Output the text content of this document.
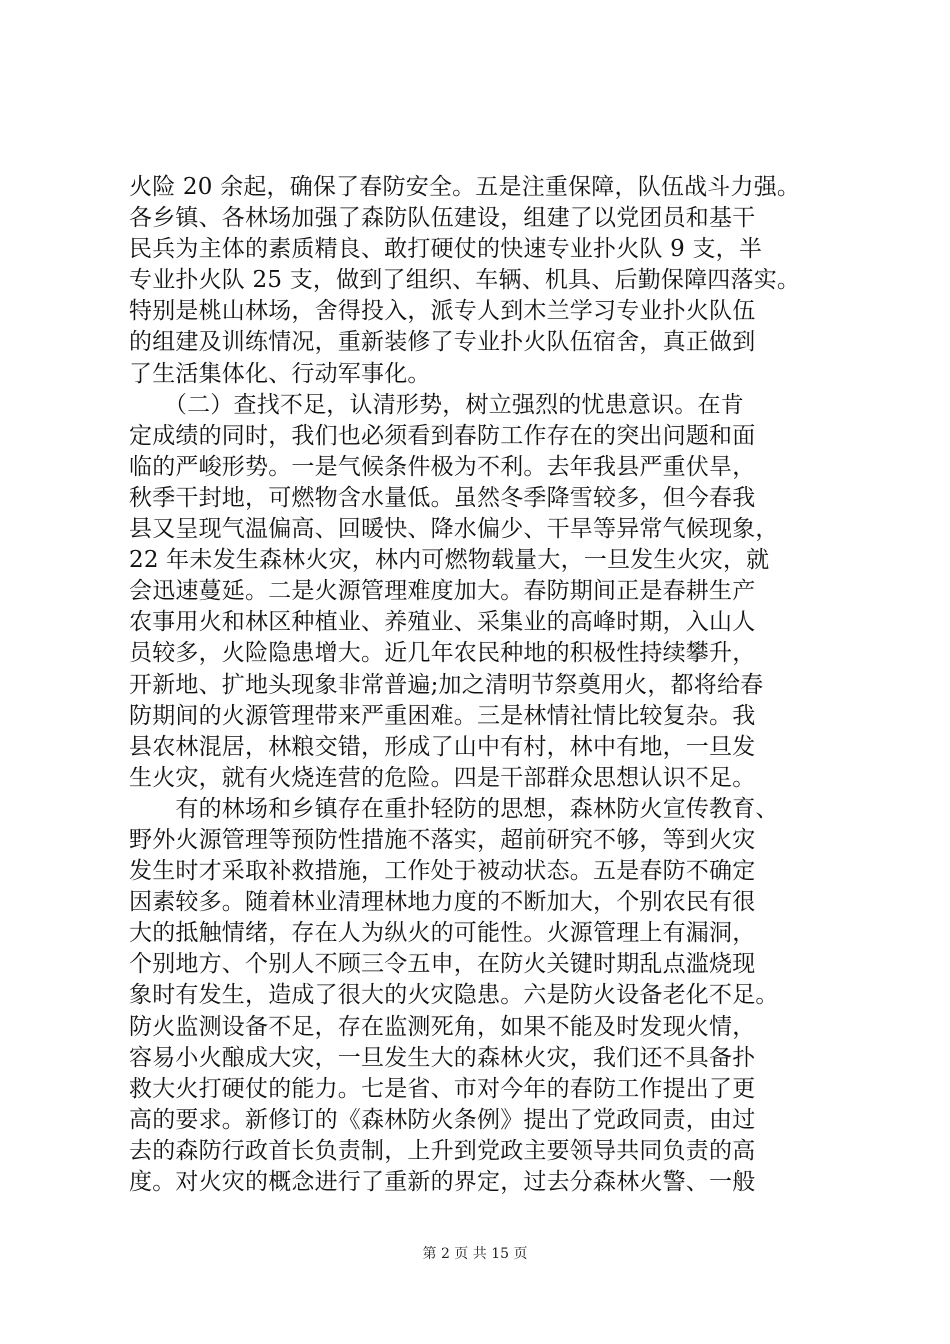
火险 20 余起，确保了春防安全。五是注重保障，队伍战斗力强。
各乡镇、各林场加强了森防队伍建设，组建了以党团员和基干
民兵为主体的素质精良、敢打硬仗的快速专业扑火队 9 支，半
专业扑火队 25 支，做到了组织、车辆、机具、后勤保障四落实。
特别是桃山林场，舍得投入，派专人到木兰学习专业扑火队伍
的组建及训练情况，重新装修了专业扑火队伍宿舍，真正做到
了生活集体化、行动军事化。
　　（二）查找不足，认清形势，树立强烈的忧患意识。在肯
定成绩的同时，我们也必须看到春防工作存在的突出问题和面
临的严峻形势。一是气候条件极为不利。去年我县严重伏旱，
秋季干封地，可燃物含水量低。虽然冬季降雪较多，但今春我
县又呈现气温偏高、回暖快、降水偏少、干旱等异常气候现象，
22 年未发生森林火灾，林内可燃物载量大，一旦发生火灾，就
会迅速蔓延。二是火源管理难度加大。春防期间正是春耕生产
农事用火和林区种植业、养殖业、采集业的高峰时期，入山人
员较多，火险隐患增大。近几年农民种地的积极性持续攀升，
开新地、扩地头现象非常普遍;加之清明节祭奠用火，都将给春
防期间的火源管理带来严重困难。三是林情社情比较复杂。我
县农林混居，林粮交错，形成了山中有村，林中有地，一旦发
生火灾，就有火烧连营的危险。四是干部群众思想认识不足。
　　有的林场和乡镇存在重扑轻防的思想，森林防火宣传教育、
野外火源管理等预防性措施不落实，超前研究不够，等到火灾
发生时才采取补救措施，工作处于被动状态。五是春防不确定
因素较多。随着林业清理林地力度的不断加大，个别农民有很
大的抵触情绪，存在人为纵火的可能性。火源管理上有漏洞，
个别地方、个别人不顾三令五申，在防火关键时期乱点滥烧现
象时有发生，造成了很大的火灾隐患。六是防火设备老化不足。
防火监测设备不足，存在监测死角，如果不能及时发现火情，
容易小火酿成大灾，一旦发生大的森林火灾，我们还不具备扑
救大火打硬仗的能力。七是省、市对今年的春防工作提出了更
高的要求。新修订的《森林防火条例》提出了党政同责，由过
去的森防行政首长负责制，上升到党政主要领导共同负责的高
度。对火灾的概念进行了重新的界定，过去分森林火警、一般
第 2 页 共 15 页
